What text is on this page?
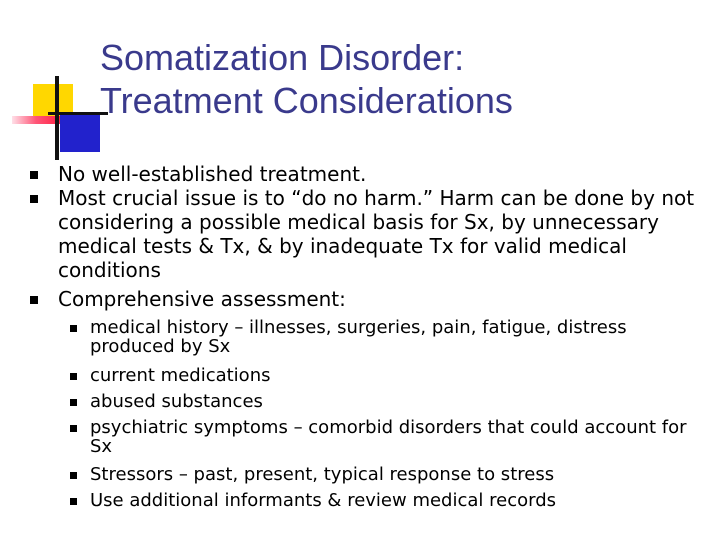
Somatization Disorder:
Treatment Considerations
No well-established treatment.
Most crucial issue is to “do no harm.” Harm can be done by not considering a possible medical basis for Sx, by unnecessary medical tests & Tx, & by inadequate Tx for valid medical conditions
Comprehensive assessment:
medical history – illnesses, surgeries, pain, fatigue, distress produced by Sx
current medications
abused substances
psychiatric symptoms – comorbid disorders that could account for Sx
Stressors – past, present, typical response to stress
Use additional informants & review medical records
